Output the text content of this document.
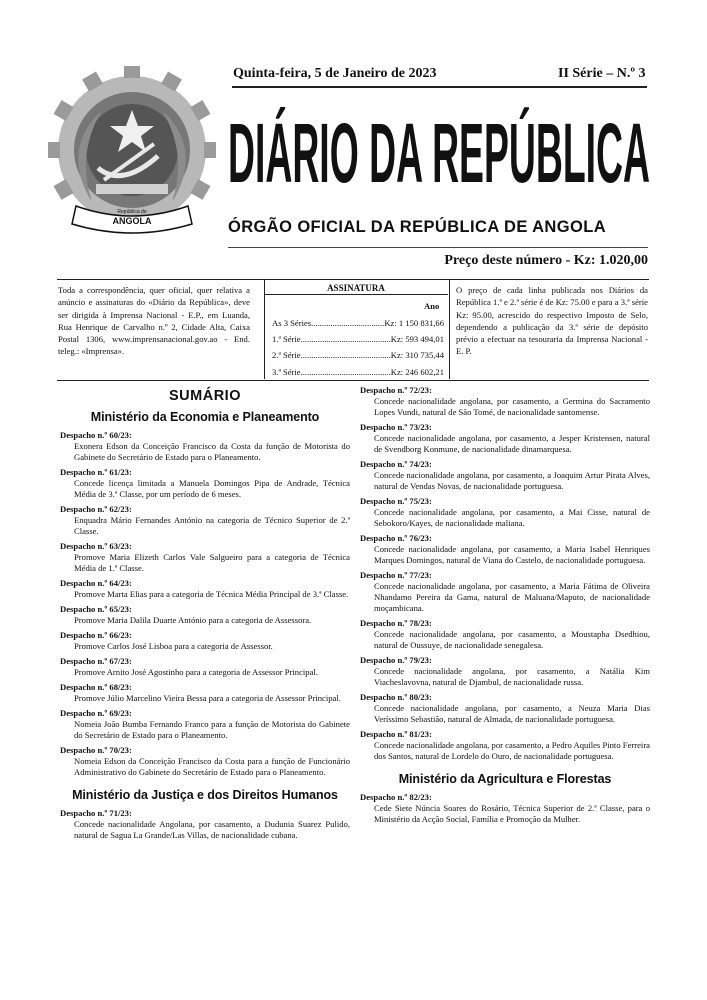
República de
ANGOLA
Quinta-feira, 5 de Janeiro de 2023	II Série – N.º 3
DIÁRIO DA REPÚBLICA
ÓRGÃO OFICIAL DA REPÚBLICA DE ANGOLA
Preço deste número - Kz: 1.020,00
Toda a correspondência, quer oficial, quer relativa a anúncio e assinaturas do «Diário da República», deve ser dirigida à Imprensa Nacional - E.P., em Luanda, Rua Henrique de Carvalho n.º 2, Cidade Alta, Caixa Postal 1306, www.imprensanacional.gov.ao - End. teleg.: «Imprensa».
ASSINATURA
Ano
As 3 Séries .....	Kz: 1 150 831,66
1.ª Série .....	Kz: 593 494,01
2.ª Série .....	Kz: 310 735,44
3.ª Série .....	Kz: 246 602,21
O preço de cada linha publicada nos Diários da República 1.ª e 2.ª série é de Kz: 75.00 e para a 3.ª série Kz: 95.00, acrescido do respectivo Imposto de Selo, dependendo a publicação da 3.ª série de depósito prévio a efectuar na tesouraria da Imprensa Nacional - E. P.
SUMÁRIO
Ministério da Economia e Planeamento
Despacho n.º 60/23:
Exonera Edson da Conceição Francisco da Costa da função de Motorista do Gabinete do Secretário de Estado para o Planeamento.
Despacho n.º 61/23:
Concede licença limitada a Manuela Domingos Pipa de Andrade, Técnica Média de 3.ª Classe, por um período de 6 meses.
Despacho n.º 62/23:
Enquadra Mário Fernandes António na categoria de Técnico Superior de 2.ª Classe.
Despacho n.º 63/23:
Promove Maria Elizeth Carlos Vale Salgueiro para a categoria de Técnica Média de 1.ª Classe.
Despacho n.º 64/23:
Promove Marta Elias para a categoria de Técnica Média Principal de 3.ª Classe.
Despacho n.º 65/23:
Promove Maria Dalila Duarte António para a categoria de Assessora.
Despacho n.º 66/23:
Promove Carlos José Lisboa para a categoria de Assessor.
Despacho n.º 67/23:
Promove Arnito José Agostinho para a categoria de Assessor Principal.
Despacho n.º 68/23:
Promove Júlio Marcelino Vieira Bessa para a categoria de Assessor Principal.
Despacho n.º 69/23:
Nomeia João Bumba Fernando Franco para a função de Motorista do Gabinete do Secretário de Estado para o Planeamento.
Despacho n.º 70/23:
Nomeia Edson da Conceição Francisco da Costa para a função de Funcionário Administrativo do Gabinete do Secretário de Estado para o Planeamento.
Ministério da Justiça e dos Direitos Humanos
Despacho n.º 71/23:
Concede nacionalidade Angolana, por casamento, a Dudunia Suarez Pulido, natural de Sagua La Grande/Las Villas, de nacionalidade cubana.
Despacho n.º 72/23:
Concede nacionalidade angolana, por casamento, a Germina do Sacramento Lopes Vundi, natural de São Tomé, de nacionalidade santomense.
Despacho n.º 73/23:
Concede nacionalidade angolana, por casamento, a Jesper Kristensen, natural de Svendborg Konmune, de nacionalidade dinamarquesa.
Despacho n.º 74/23:
Concede nacionalidade angolana, por casamento, a Joaquim Artur Pirata Alves, natural de Vendas Novas, de nacionalidade portuguesa.
Despacho n.º 75/23:
Concede nacionalidade angolana, por casamento, a Mai Cisse, natural de Sebokoro/Kayes, de nacionalidade maliana.
Despacho n.º 76/23:
Concede nacionalidade angolana, por casamento, a Maria Isabel Henriques Marques Domingos, natural de Viana do Castelo, de nacionalidade portuguesa.
Despacho n.º 77/23:
Concede nacionalidade angolana, por casamento, a Maria Fátima de Oliveira Nhandamo Pereira da Gama, natural de Maluana/Maputo, de nacionalidade moçambicana.
Despacho n.º 78/23:
Concede nacionalidade angolana, por casamento, a Moustapha Dsedhiou, natural de Oussuye, de nacionalidade senegalesa.
Despacho n.º 79/23:
Concede nacionalidade angolana, por casamento, a Natália Kim Viacheslavovna, natural de Djambul, de nacionalidade russa.
Despacho n.º 80/23:
Concede nacionalidade angolana, por casamento, a Neuza Maria Dias Veríssimo Sebastião, natural de Almada, de nacionalidade portuguesa.
Despacho n.º 81/23:
Concede nacionalidade angolana, por casamento, a Pedro Aquiles Pinto Ferreira dos Santos, natural de Lordelo do Ouro, de nacionalidade portuguesa.
Ministério da Agricultura e Florestas
Despacho n.º 82/23:
Cede Siete Núncia Soares do Rosário, Técnica Superior de 2.ª Classe, para o Ministério da Acção Social, Família e Promoção da Mulher.
